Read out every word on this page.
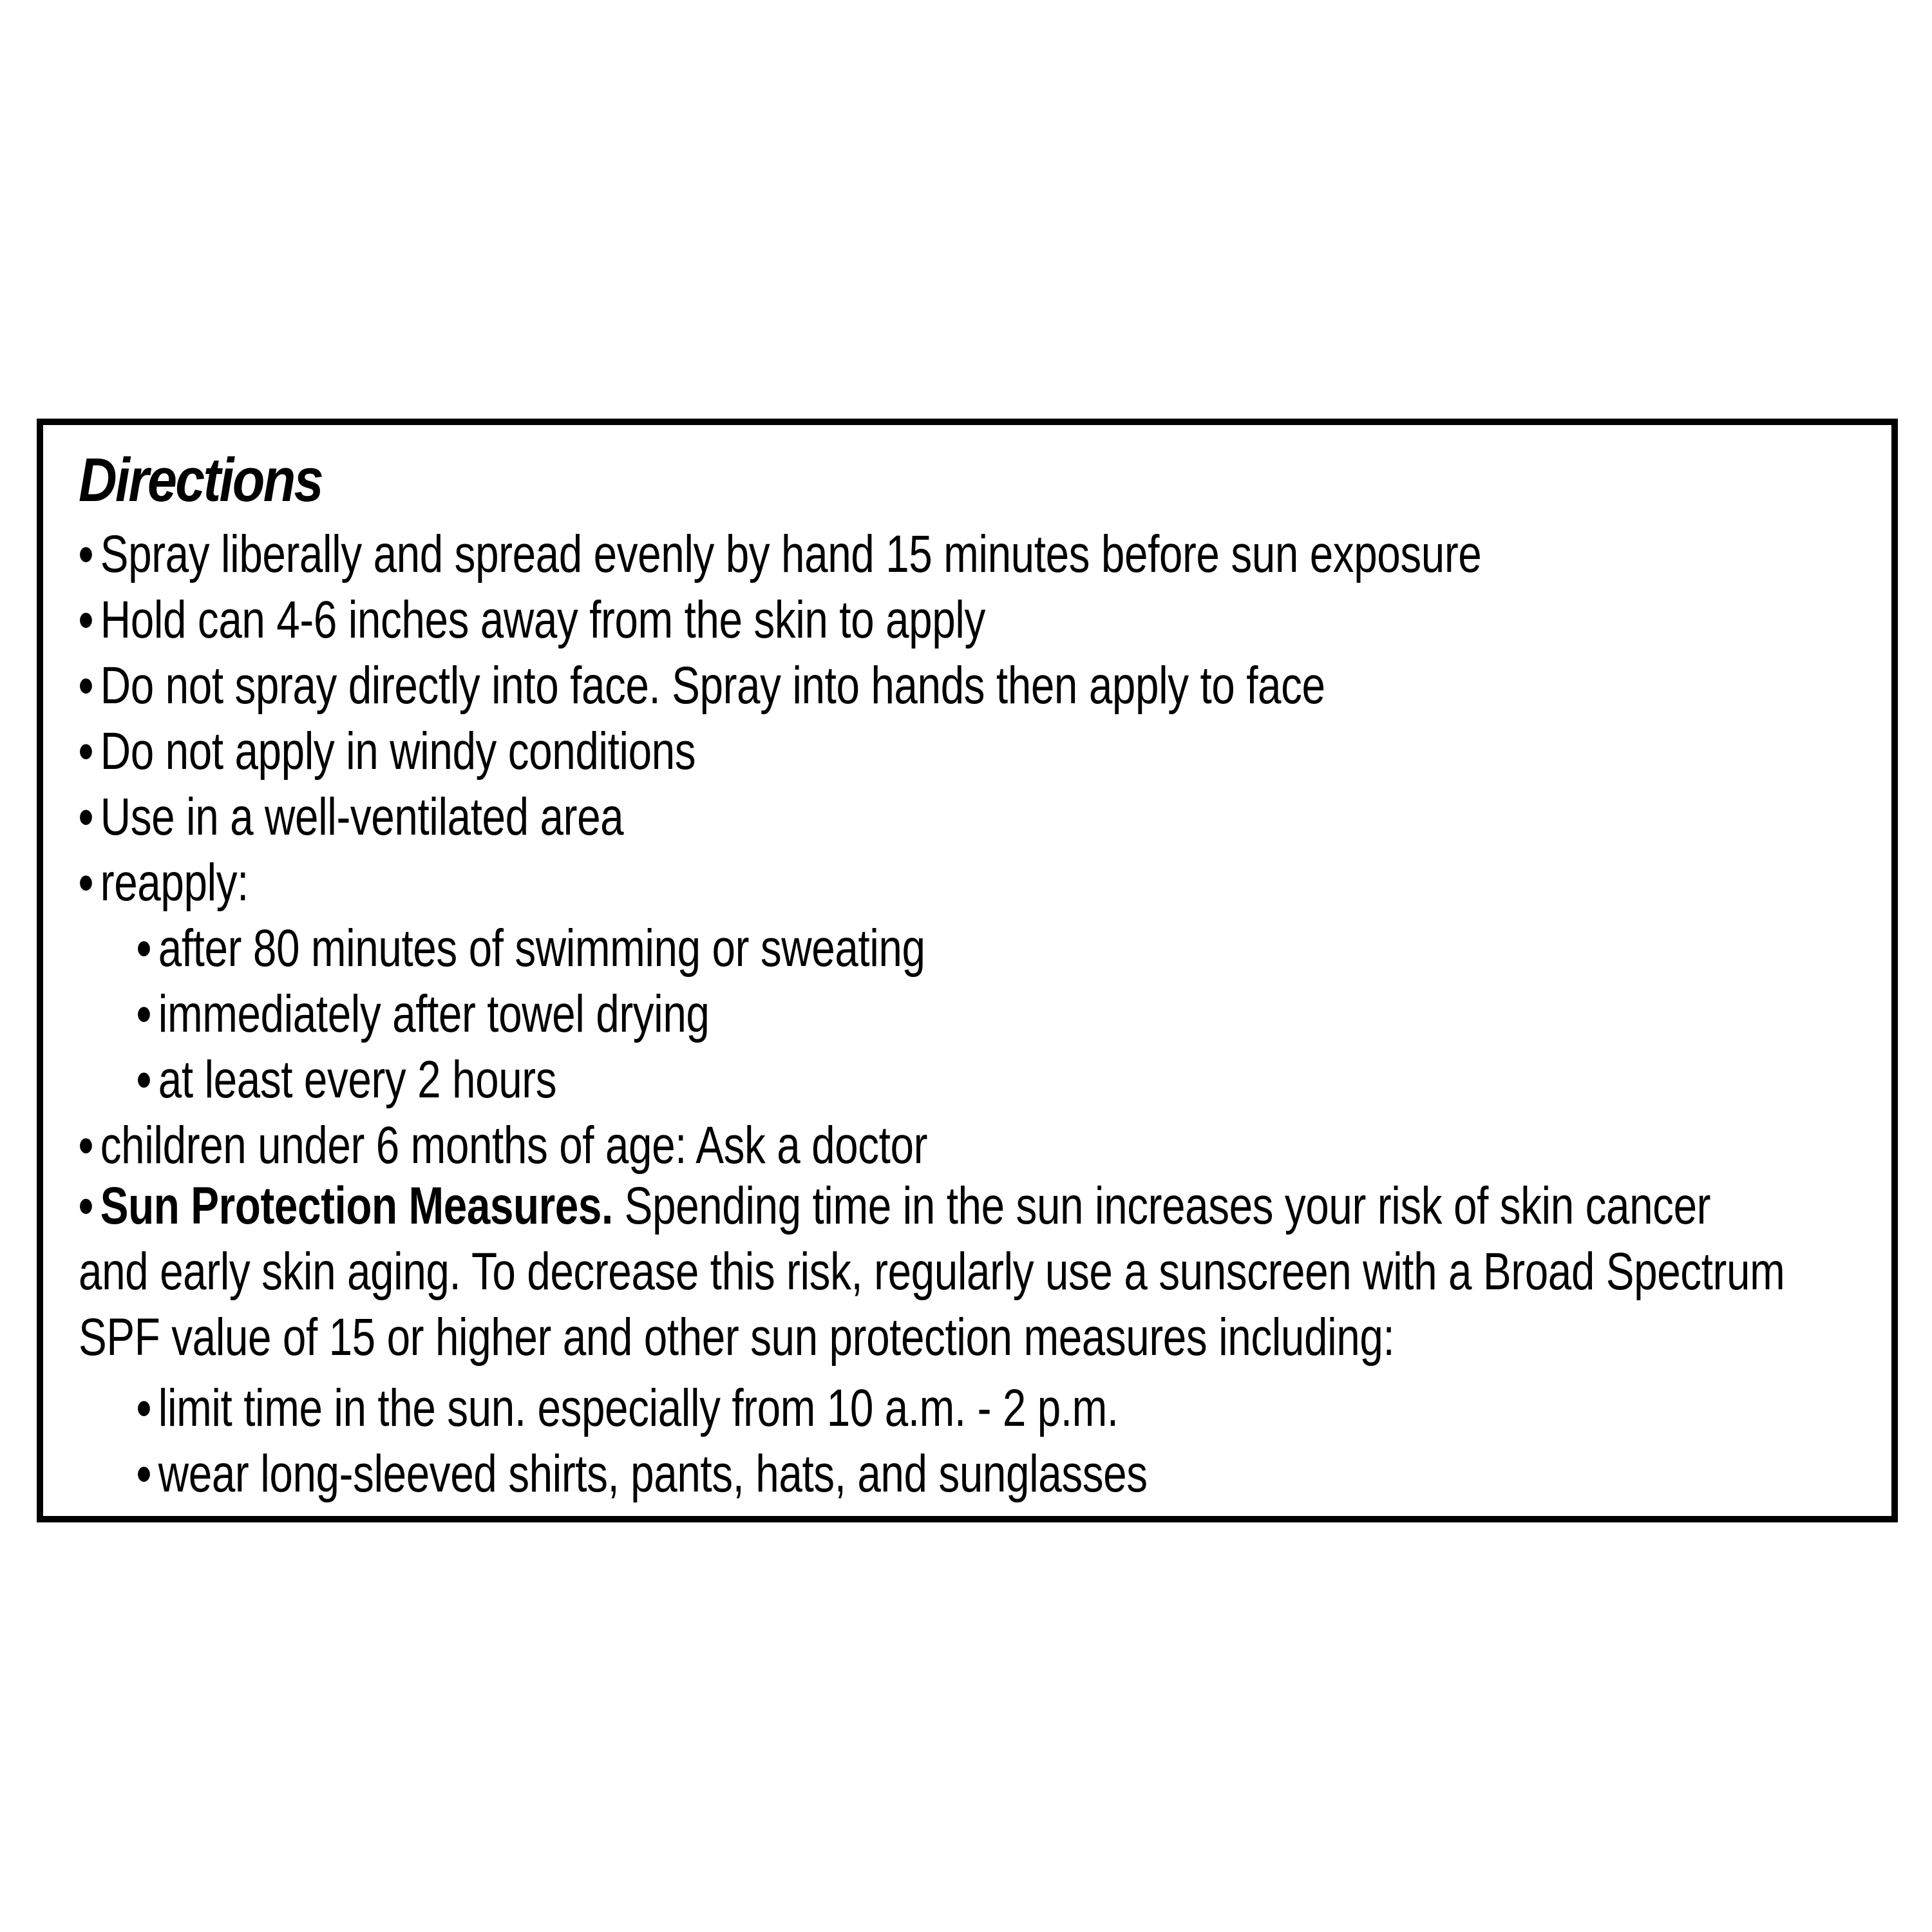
Directions
• Spray liberally and spread evenly by hand 15 minutes before sun exposure
• Hold can 4-6 inches away from the skin to apply
• Do not spray directly into face. Spray into hands then apply to face
• Do not apply in windy conditions
• Use in a well-ventilated area
• reapply:
• after 80 minutes of swimming or sweating
• immediately after towel drying
• at least every 2 hours
• children under 6 months of age: Ask a doctor
• Sun Protection Measures. Spending time in the sun increases your risk of skin cancer
and early skin aging. To decrease this risk, regularly use a sunscreen with a Broad Spectrum
SPF value of 15 or higher and other sun protection measures including:
• limit time in the sun. especially from 10 a.m. - 2 p.m.
• wear long-sleeved shirts, pants, hats, and sunglasses
